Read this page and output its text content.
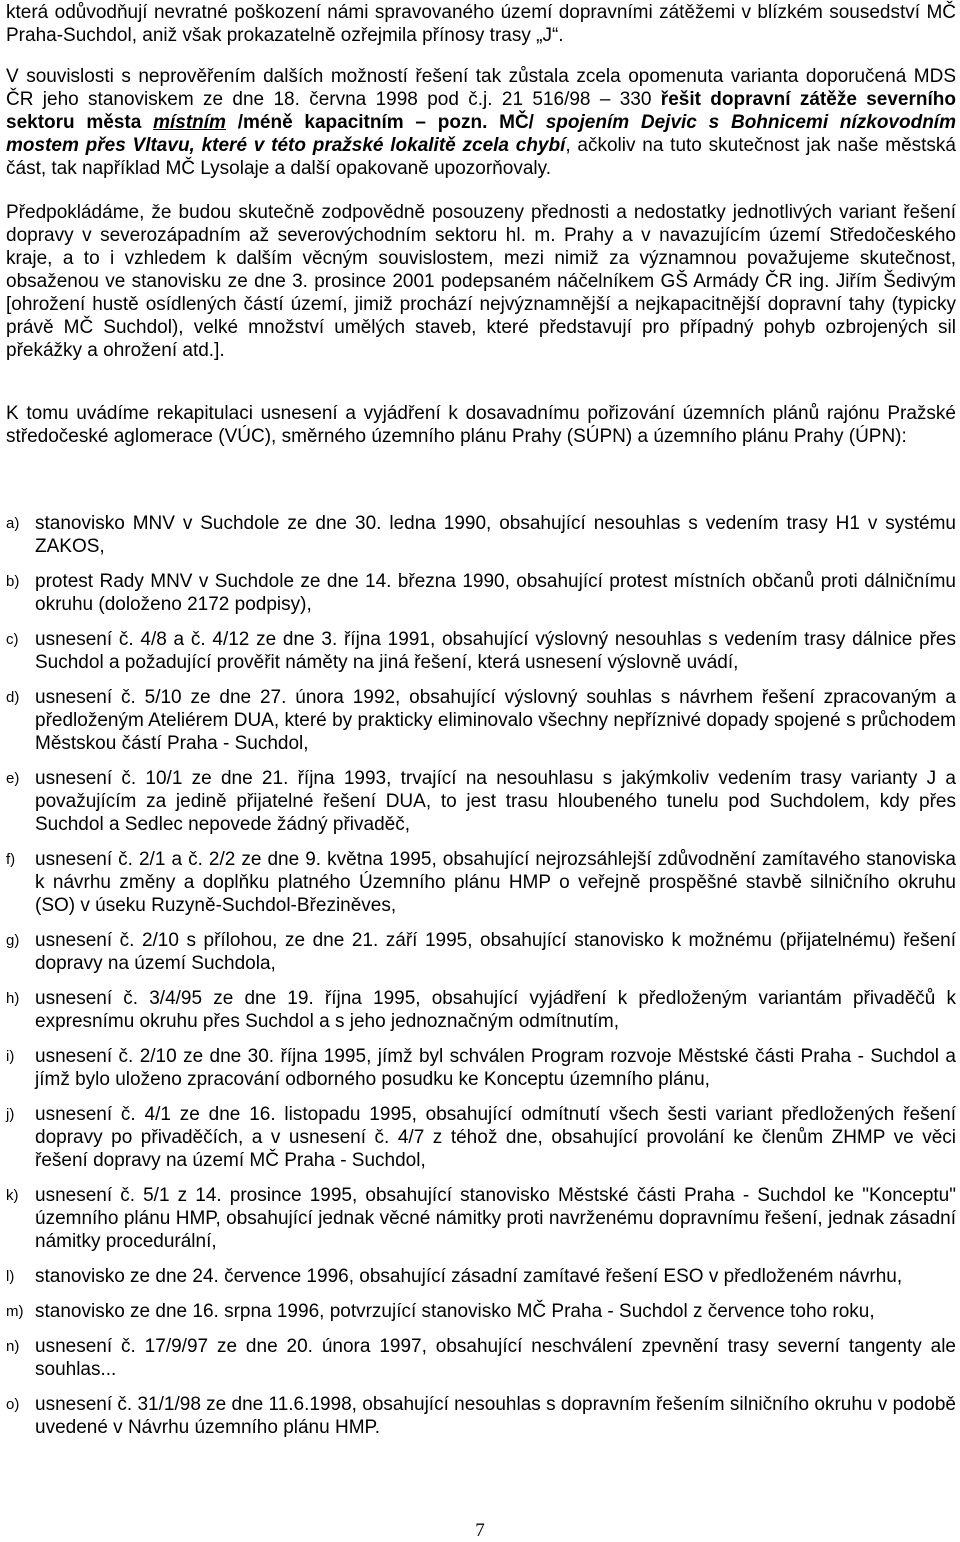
která odůvodňují nevratné poškození námi spravovaného území dopravními zátěžemi v blízkém sousedství MČ Praha-Suchdol, aniž však prokazatelně ozřejmila přínosy trasy „J“.

V souvislosti s neprověřením dalších možností řešení tak zůstala zcela opomenuta varianta doporučená MDS ČR jeho stanoviskem ze dne 18. června 1998 pod č.j. 21 516/98 – 330 řešit dopravní zátěže severního sektoru města místním /méně kapacitním – pozn. MČ/ spojením Dejvic s Bohnicemi nízkovodním mostem přes Vltavu, které v této pražské lokalitě zcela chybí, ačkoliv na tuto skutečnost jak naše městská část, tak například MČ Lysolaje a další opakovaně upozorňovaly.

Předpokládáme, že budou skutečně zodpovědně posouzeny přednosti a nedostatky jednotlivých variant řešení dopravy v severozápadním až severovýchodním sektoru hl. m. Prahy a v navazujícím území Středočeského kraje, a to i vzhledem k dalším věcným souvislostem, mezi nimiž za významnou považujeme skutečnost, obsaženou ve stanovisku ze dne 3. prosince 2001 podepsaném náčelníkem GŠ Armády ČR ing. Jiřím Šedivým [ohrožení hustě osídlených částí území, jimiž prochází nejvýznamnější a nejkapacitnější dopravní tahy (typicky právě MČ Suchdol), velké množství umělých staveb, které představují pro případný pohyb ozbrojených sil překážky a ohrožení atd.].

K tomu uvádíme rekapitulaci usnesení a vyjádření k dosavadnímu pořizování územních plánů rajónu Pražské středočeské aglomerace (VÚC), směrného územního plánu Prahy (SÚPN) a územního plánu Prahy (ÚPN):

a) stanovisko MNV v Suchdole ze dne 30. ledna 1990, obsahující nesouhlas s vedením trasy H1 v systému ZAKOS,
b) protest Rady MNV v Suchdole ze dne 14. března 1990, obsahující protest místních občanů proti dálničnímu okruhu (doloženo 2172 podpisy),
c) usnesení č. 4/8 a č. 4/12 ze dne 3. října 1991, obsahující výslovný nesouhlas s vedením trasy dálnice přes Suchdol a požadující prověřit náměty na jiná řešení, která usnesení výslovně uvádí,
d) usnesení č. 5/10 ze dne 27. února 1992, obsahující výslovný souhlas s návrhem řešení zpracovaným a předloženým Ateliérem DUA, které by prakticky eliminovalo všechny nepříznivé dopady spojené s průchodem Městskou částí Praha - Suchdol,
e) usnesení č. 10/1 ze dne 21. října 1993, trvající na nesouhlasu s jakýmkoliv vedením trasy varianty J a považujícím za jedině přijatelné řešení DUA, to jest trasu hloubeného tunelu pod Suchdolem, kdy přes Suchdol a Sedlec nepovede žádný přivaděč,
f)	usnesení č. 2/1 a č. 2/2 ze dne 9. května 1995, obsahující nejrozsáhlejší zdůvodnění zamítavého stanoviska k návrhu změny a doplňku platného Územního plánu HMP o veřejně prospěšné stavbě silničního okruhu (SO) v úseku Ruzyně-Suchdol-Březiněves,
g) usnesení č. 2/10 s přílohou, ze dne 21. září 1995, obsahující stanovisko k možnému (přijatelnému) řešení dopravy na území Suchdola,
h) usnesení č. 3/4/95 ze dne 19. října 1995, obsahující vyjádření k předloženým variantám přivaděčů k expresnímu okruhu přes Suchdol a s jeho jednoznačným odmítnutím,
i)	usnesení č. 2/10 ze dne 30. října 1995, jímž byl schválen Program rozvoje Městské části Praha - Suchdol a jímž bylo uloženo zpracování odborného posudku ke Konceptu územního plánu,
j)	usnesení č. 4/1 ze dne 16. listopadu 1995, obsahující odmítnutí všech šesti variant předložených řešení dopravy po přivaděčích, a v usnesení č. 4/7 z téhož dne, obsahující provolání ke členům ZHMP ve věci řešení dopravy na území MČ Praha - Suchdol,
k) usnesení č. 5/1 z 14. prosince 1995, obsahující stanovisko Městské části Praha - Suchdol ke "Konceptu" územního plánu HMP, obsahující jednak věcné námitky proti navrženému dopravnímu řešení, jednak zásadní námitky procedurální,
l)	stanovisko ze dne 24. července 1996, obsahující zásadní zamítavé řešení ESO v předloženém návrhu,
m) stanovisko ze dne 16. srpna 1996, potvrzující stanovisko MČ Praha - Suchdol z července toho roku,
n) usnesení č. 17/9/97 ze dne 20. února 1997, obsahující neschválení zpevnění trasy severní tangenty ale souhlas...
o) usnesení č. 31/1/98 ze dne 11.6.1998, obsahující nesouhlas s dopravním řešením silničního okruhu v podobě uvedené v Návrhu územního plánu HMP.
7
